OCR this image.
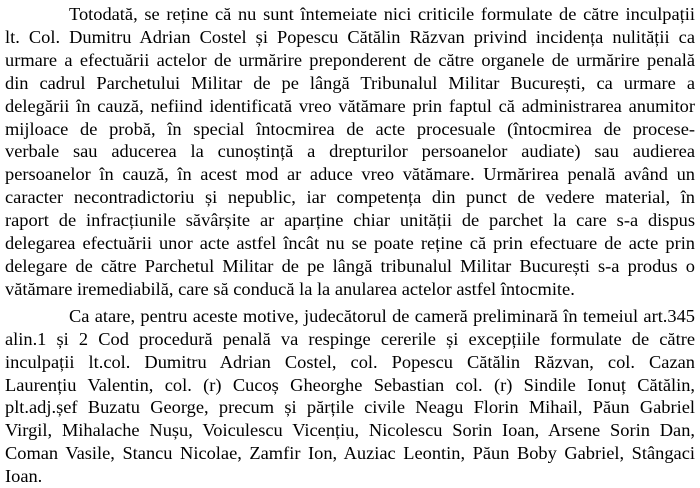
Totodată, se reține că nu sunt întemeiate nici criticile formulate de către inculpații
lt. Col. Dumitru Adrian Costel și Popescu Cătălin Răzvan privind incidența nulității ca
urmare a efectuării actelor de urmărire preponderent de către organele de urmărire penală
din cadrul Parchetului Militar de pe lângă Tribunalul Militar București, ca urmare a
delegării în cauză, nefiind identificată vreo vătămare prin faptul că administrarea anumitor
mijloace de probă, în special întocmirea de acte procesuale (întocmirea de procese-
verbale sau aducerea la cunoștință a drepturilor persoanelor audiate) sau audierea
persoanelor în cauză, în acest mod ar aduce vreo vătămare. Urmărirea penală având un
caracter necontradictoriu și nepublic, iar competența din punct de vedere material, în
raport de infracțiunile săvârșite ar aparține chiar unității de parchet la care s-a dispus
delegarea efectuării unor acte astfel încât nu se poate reține că prin efectuare de acte prin
delegare de către Parchetul Militar de pe lângă tribunalul Militar București s-a produs o
vătămare iremediabilă, care să conducă la la anularea actelor astfel întocmite.
Ca atare, pentru aceste motive, judecătorul de cameră preliminară în temeiul art.345
alin.1 și 2 Cod procedură penală va respinge cererile și excepțiile formulate de către
inculpații lt.col. Dumitru Adrian Costel, col. Popescu Cătălin Răzvan, col. Cazan
Laurențiu Valentin, col. (r) Cucoș Gheorghe Sebastian col. (r) Sindile Ionuț Cătălin,
plt.adj.șef Buzatu George, precum și părțile civile Neagu Florin Mihail, Păun Gabriel
Virgil, Mihalache Nușu, Voiculescu Vicențiu, Nicolescu Sorin Ioan, Arsene Sorin Dan,
Coman Vasile, Stancu Nicolae, Zamfir Ion, Auziac Leontin, Păun Boby Gabriel, Stângaci
Ioan.
